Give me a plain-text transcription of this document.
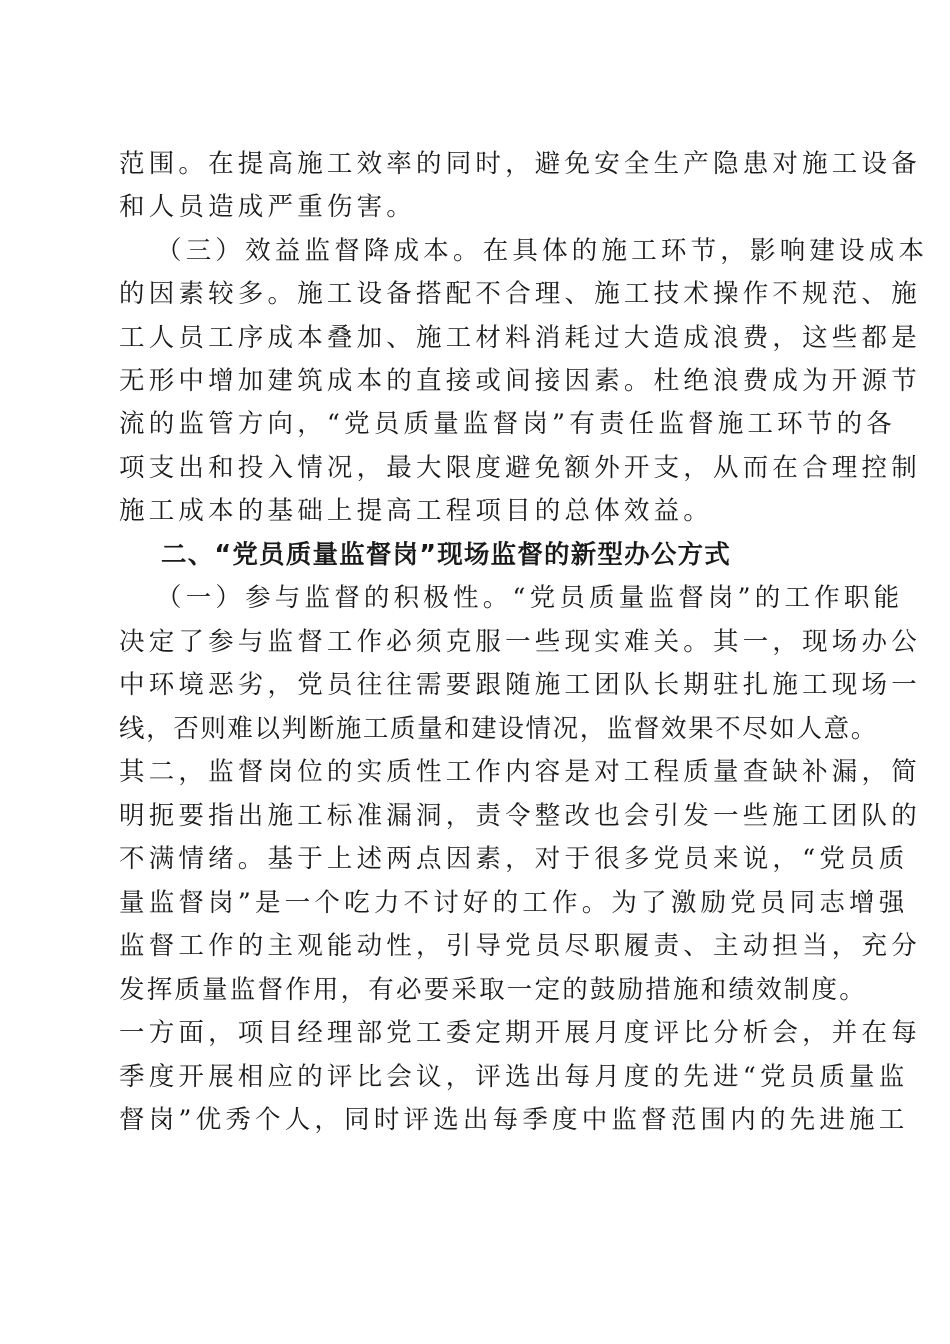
范围。在提高施工效率的同时，避免安全生产隐患对施工设备
和人员造成严重伤害。
（三）效益监督降成本。在具体的施工环节，影响建设成本
的因素较多。施工设备搭配不合理、施工技术操作不规范、施
工人员工序成本叠加、施工材料消耗过大造成浪费，这些都是
无形中增加建筑成本的直接或间接因素。杜绝浪费成为开源节
流的监管方向，“党员质量监督岗”有责任监督施工环节的各
项支出和投入情况，最大限度避免额外开支，从而在合理控制
施工成本的基础上提高工程项目的总体效益。
二、“党员质量监督岗”现场监督的新型办公方式
（一）参与监督的积极性。“党员质量监督岗”的工作职能
决定了参与监督工作必须克服一些现实难关。其一，现场办公
中环境恶劣，党员往往需要跟随施工团队长期驻扎施工现场一
线，否则难以判断施工质量和建设情况，监督效果不尽如人意。
其二，监督岗位的实质性工作内容是对工程质量查缺补漏，简
明扼要指出施工标准漏洞，责令整改也会引发一些施工团队的
不满情绪。基于上述两点因素，对于很多党员来说，“党员质
量监督岗”是一个吃力不讨好的工作。为了激励党员同志增强
监督工作的主观能动性，引导党员尽职履责、主动担当，充分
发挥质量监督作用，有必要采取一定的鼓励措施和绩效制度。
一方面，项目经理部党工委定期开展月度评比分析会，并在每
季度开展相应的评比会议，评选出每月度的先进“党员质量监
督岗”优秀个人，同时评选出每季度中监督范围内的先进施工
